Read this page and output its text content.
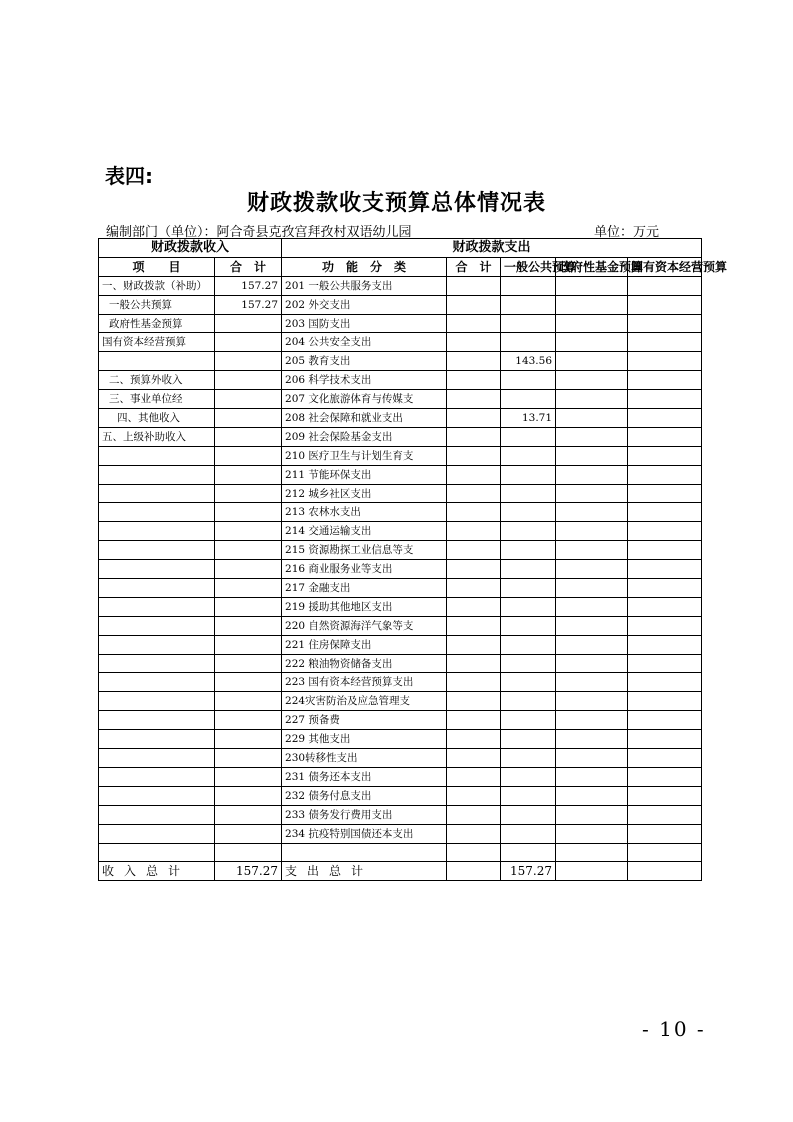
表四:
财政拨款收支预算总体情况表
编制部门（单位）：阿合奇县克孜宫拜孜村双语幼儿园	单位：万元
财政拨款收入		财政拨款支出				
项　　目	合　计	功　能　分　类	合　计	一般公共预算	政府性基金预算	国有资本经营预算
一、财政拨款（补助）	157.27	201 一般公共服务支出				
一般公共预算	157.27	202 外交支出				
政府性基金预算		203 国防支出				
国有资本经营预算		204 公共安全支出				
		205 教育支出		143.56		
二、预算外收入		206 科学技术支出				
三、事业单位经		207 文化旅游体育与传媒支				
四、其他收入		208 社会保障和就业支出		13.71		
五、上级补助收入		209 社会保险基金支出				
		210 医疗卫生与计划生育支				
		211 节能环保支出				
		212 城乡社区支出				
		213 农林水支出				
		214 交通运输支出				
		215 资源勘探工业信息等支				
		216 商业服务业等支出				
		217 金融支出				
		219 援助其他地区支出				
		220 自然资源海洋气象等支				
		221 住房保障支出				
		222 粮油物资储备支出				
		223 国有资本经营预算支出				
		224灾害防治及应急管理支				
		227 预备费				
		229 其他支出				
		230转移性支出				
		231 债务还本支出				
		232 债务付息支出				
		233 债务发行费用支出				
		234 抗疫特别国债还本支出				

收入总计	157.27	支出总计		157.27		
- 10 -
